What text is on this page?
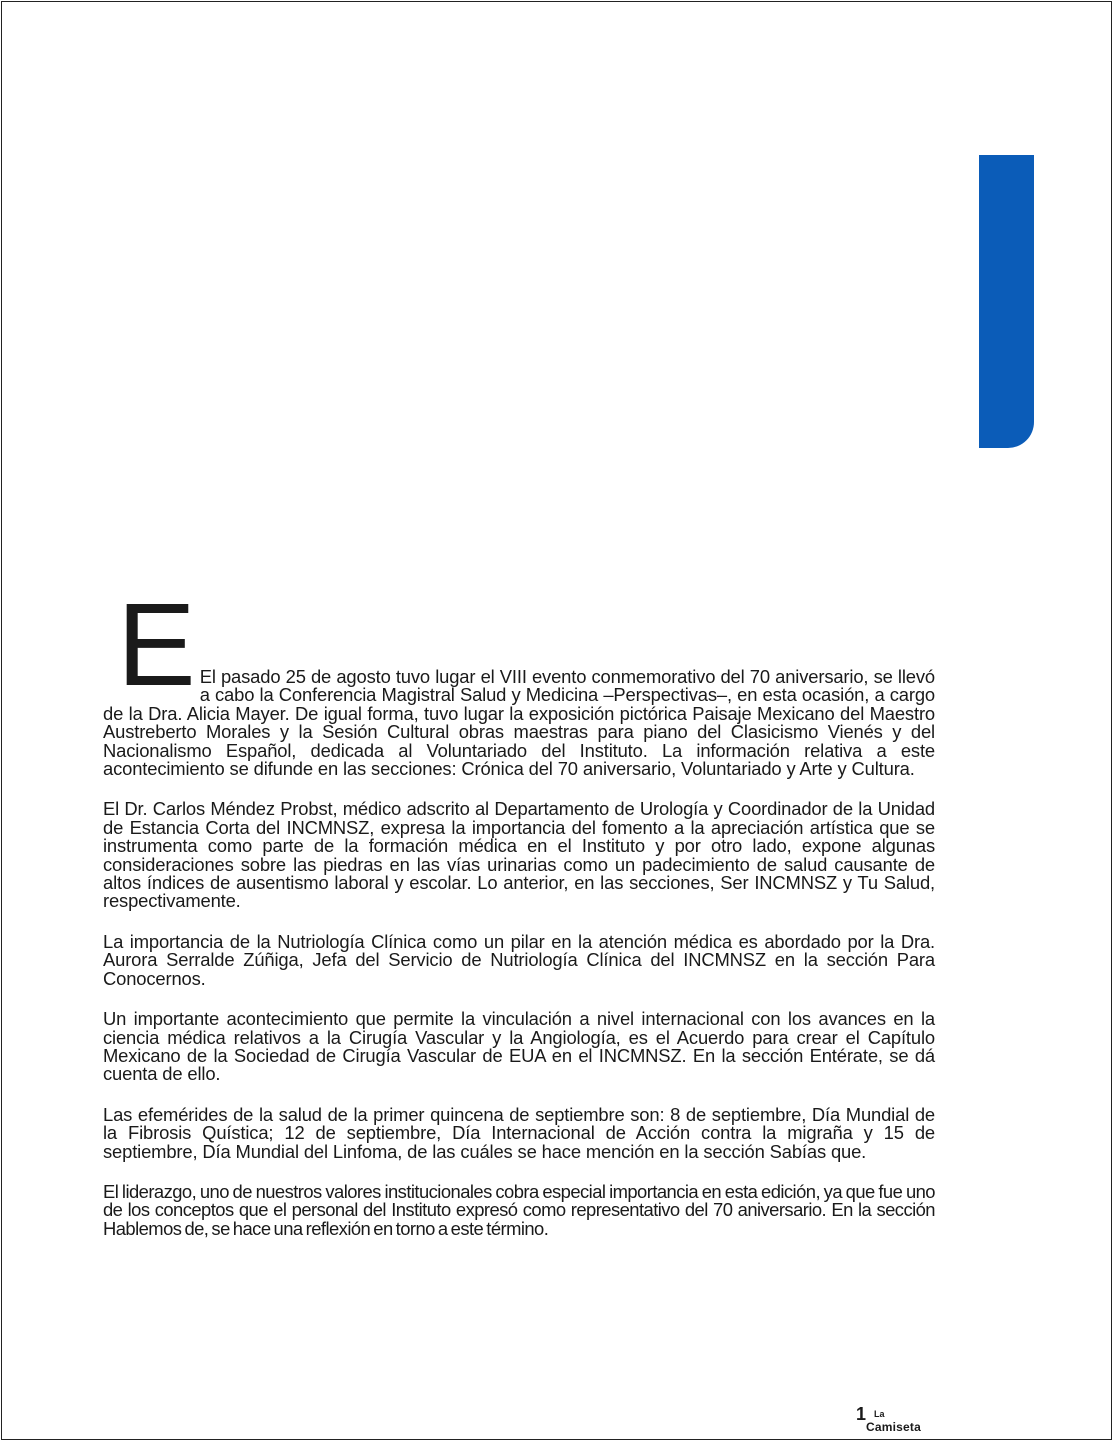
editorial
E El pasado 25 de agosto tuvo lugar el VIII evento conmemorativo del 70 aniversario, se llevó a cabo la Conferencia Magistral Salud y Medicina –Perspectivas–, en esta ocasión, a cargo de la Dra. Alicia Mayer. De igual forma, tuvo lugar la exposición pictórica Paisaje Mexicano del Maestro Austreberto Morales y la Sesión Cultural obras maestras para piano del Clasicismo Vienés y del Nacionalismo Español, dedicada al Voluntariado del Instituto. La información relativa a este acontecimiento se difunde en las secciones: Crónica del 70 aniversario, Voluntariado y Arte y Cultura.

El Dr. Carlos Méndez Probst, médico adscrito al Departamento de Urología y Coordinador de la Unidad de Estancia Corta del INCMNSZ, expresa la importancia del fomento a la apreciación artística que se instrumenta como parte de la formación médica en el Instituto y por otro lado, expone algunas consideraciones sobre las piedras en las vías urinarias como un padecimiento de salud causante de altos índices de ausentismo laboral y escolar. Lo anterior, en las secciones, Ser INCMNSZ y Tu Salud, respectivamente.

La importancia de la Nutriología Clínica como un pilar en la atención médica es abordado por la Dra. Aurora Serralde Zúñiga, Jefa del Servicio de Nutriología Clínica del INCMNSZ en la sección Para Conocernos.

Un importante acontecimiento que permite la vinculación a nivel internacional con los avances en la ciencia médica relativos a la Cirugía Vascular y la Angiología, es el Acuerdo para crear el Capítulo Mexicano de la Sociedad de Cirugía Vascular de EUA en el INCMNSZ. En la sección Entérate, se dá cuenta de ello.

Las efemérides de la salud de la primer quincena de septiembre son: 8 de septiembre, Día Mundial de la Fibrosis Quística; 12 de septiembre, Día Internacional de Acción contra la migraña y 15 de septiembre, Día Mundial del Linfoma, de las cuáles se hace mención en la sección Sabías que.

El liderazgo, uno de nuestros valores institucionales cobra especial importancia en esta edición, ya que fue uno de los conceptos que el personal del Instituto expresó como representativo del 70 aniversario. En la sección Hablemos de, se hace una reflexión en torno a este término.

1 La
Camiseta
